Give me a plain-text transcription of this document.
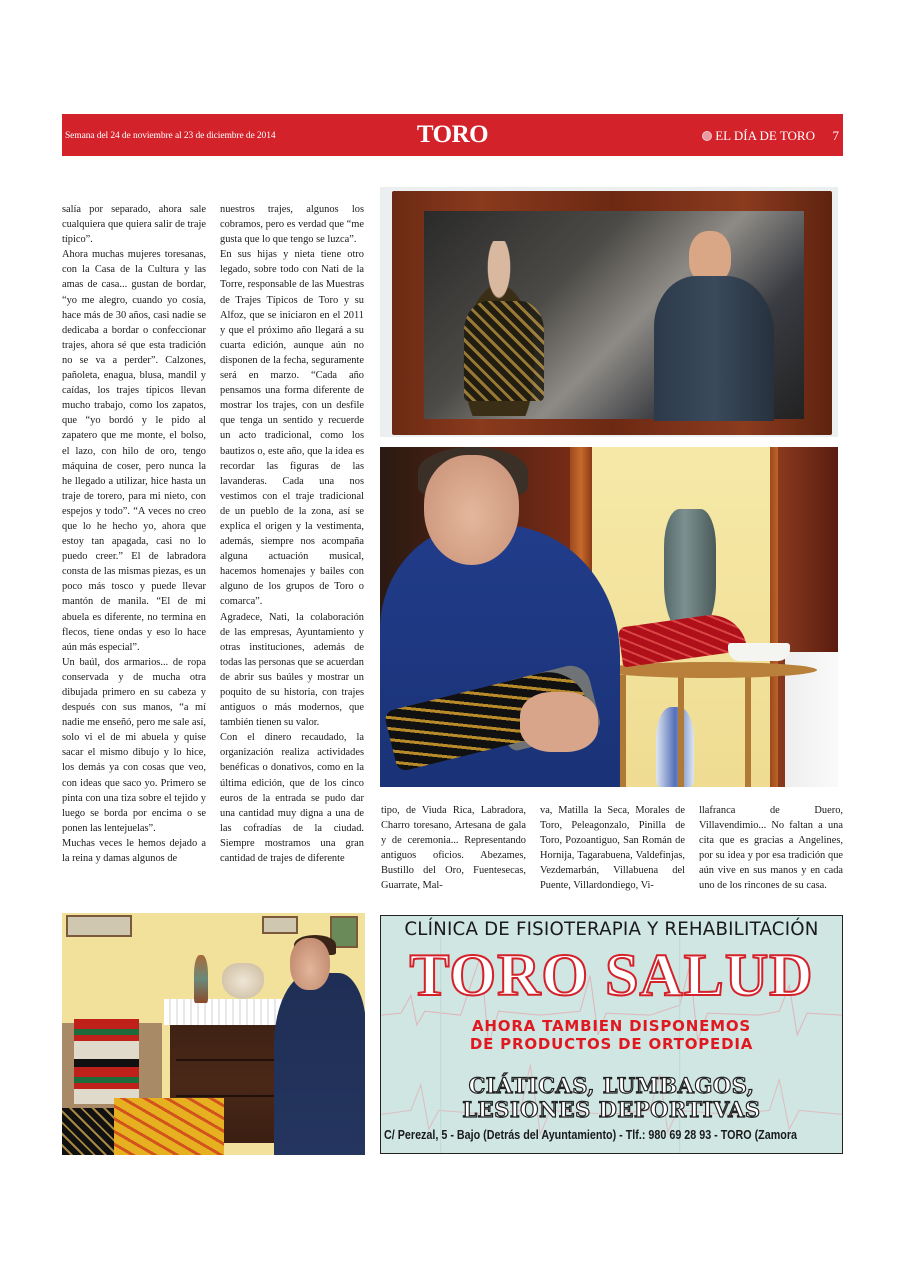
Semana del 24 de noviembre al 23 de diciembre de 2014	TORO	EL DÍA DE TORO 7

salía por separado, ahora sale cualquiera que quiera salir de traje típico”.

Ahora muchas mujeres toresanas, con la Casa de la Cultura y las amas de casa... gustan de bordar, “yo me alegro, cuando yo cosía, hace más de 30 años, casi nadie se dedicaba a bordar o confeccionar trajes, ahora sé que esta tradición no se va a perder”. Calzones, pañoleta, enagua, blusa, mandil y caídas, los trajes típicos llevan mucho trabajo, como los zapatos, que “yo bordó y le pido al zapatero que me monte, el bolso, el lazo, con hilo de oro, tengo máquina de coser, pero nunca la he llegado a utilizar, hice hasta un traje de torero, para mi nieto, con espejos y todo”. “A veces no creo que lo he hecho yo, ahora que estoy tan apagada, casi no lo puedo creer.” El de labradora consta de las mismas piezas, es un poco más tosco y puede llevar mantón de manila. “El de mi abuela es diferente, no termina en flecos, tiene ondas y eso lo hace aún más especial”.

Un baúl, dos armarios... de ropa conservada y de mucha otra dibujada primero en su cabeza y después con sus manos, “a mí nadie me enseñó, pero me sale así, solo vi el de mi abuela y quise sacar el mismo dibujo y lo hice, los demás ya con cosas que veo, con ideas que saco yo. Primero se pinta con una tiza sobre el tejido y luego se borda por encima o se ponen las lentejuelas”.

Muchas veces le hemos dejado a la reina y damas algunos de

nuestros trajes, algunos los cobramos, pero es verdad que “me gusta que lo que tengo se luzca”.

En sus hijas y nieta tiene otro legado, sobre todo con Nati de la Torre, responsable de las Muestras de Trajes Típicos de Toro y su Alfoz, que se iniciaron en el 2011 y que el próximo año llegará a su cuarta edición, aunque aún no disponen de la fecha, seguramente será en marzo. “Cada año pensamos una forma diferente de mostrar los trajes, con un desfile que tenga un sentido y recuerde un acto tradicional, como los bautizos o, este año, que la idea es recordar las figuras de las lavanderas. Cada una nos vestimos con el traje tradicional de un pueblo de la zona, así se explica el origen y la vestimenta, además, siempre nos acompaña alguna actuación musical, hacemos homenajes y bailes con alguno de los grupos de Toro o comarca”.

Agradece, Nati, la colaboración de las empresas, Ayuntamiento y otras instituciones, además de todas las personas que se acuerdan de abrir sus baúles y mostrar un poquito de su historia, con trajes antiguos o más modernos, que también tienen su valor.

Con el dinero recaudado, la organización realiza actividades benéficas o donativos, como en la última edición, que de los cinco euros de la entrada se pudo dar una cantidad muy digna a una de las cofradías de la ciudad. Siempre mostramos una gran cantidad de trajes de diferente

tipo, de Viuda Rica, Labradora, Charro toresano, Artesana de gala y de ceremonia... Representando antiguos oficios. Abezames, Bustillo del Oro, Fuentesecas, Guarrate, Mal-

va, Matilla la Seca, Morales de Toro, Peleagonzalo, Pinilla de Toro, Pozoantiguo, San Román de Hornija, Tagarabuena, Valdefinjas, Vezdemarbán, Villabuena del Puente, Villardondiego, Vi-

llafranca de Duero, Villavendimio... No faltan a una cita que es gracias a Angelines, por su idea y por esa tradición que aún vive en sus manos y en cada uno de los rincones de su casa.

CLÍNICA DE FISIOTERAPIA Y REHABILITACIÓN
TORO SALUD
AHORA TAMBIEN DISPONEMOS
DE PRODUCTOS DE ORTOPEDIA
CIÁTICAS, LUMBAGOS,
LESIONES DEPORTIVAS
C/ Perezal, 5 - Bajo (Detrás del Ayuntamiento) - Tlf.: 980 69 28 93 - TORO (Zamora
